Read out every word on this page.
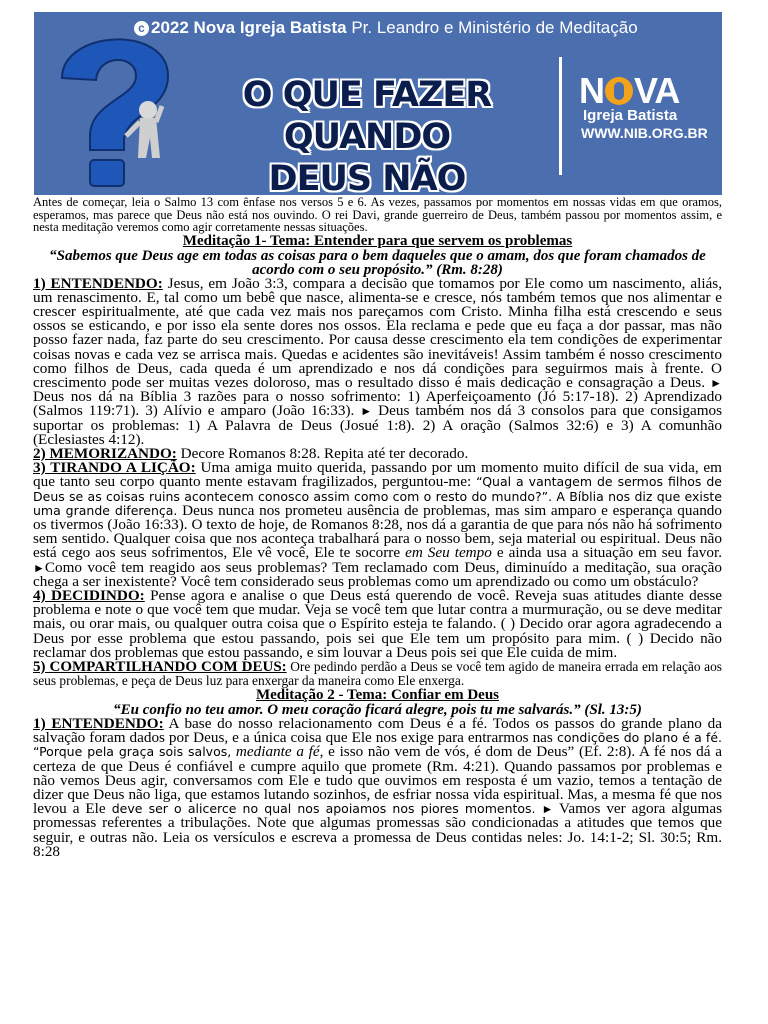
c 2022 Nova Igreja Batista Pr. Leandro e Ministério de Meditação
O QUE FAZER QUANDO
DEUS NÃO
N VA
Igreja Batista
WWW.NIB.ORG.BR

Antes de começar, leia o Salmo 13 com ênfase nos versos 5 e 6. As vezes, passamos por momentos em nossas vidas em que oramos, esperamos, mas parece que Deus não está nos ouvindo. O rei Davi, grande guerreiro de Deus, também passou por momentos assim, e nesta meditação veremos como agir corretamente nessas situações.

Meditação 1- Tema: Entender para que servem os problemas

“Sabemos que Deus age em todas as coisas para o bem daqueles que o amam, dos que foram chamados de acordo com o seu propósito.” (Rm. 8:28)

1) ENTENDENDO: Jesus, em João 3:3, compara a decisão que tomamos por Ele como um nascimento, aliás, um renascimento. E, tal como um bebê que nasce, alimenta-se e cresce, nós também temos que nos alimentar e crescer espiritualmente, até que cada vez mais nos pareçamos com Cristo. Minha filha está crescendo e seus ossos se esticando, e por isso ela sente dores nos ossos. Ela reclama e pede que eu faça a dor passar, mas não posso fazer nada, faz parte do seu crescimento. Por causa desse crescimento ela tem condições de experimentar coisas novas e cada vez se arrisca mais. Quedas e acidentes são inevitáveis! Assim também é nosso crescimento como filhos de Deus, cada queda é um aprendizado e nos dá condições para seguirmos mais à frente. O crescimento pode ser muitas vezes doloroso, mas o resultado disso é mais dedicação e consagração a Deus. ► Deus nos dá na Bíblia 3 razões para o nosso sofrimento: 1) Aperfeiçoamento (Jó 5:17-18). 2) Aprendizado (Salmos 119:71). 3) Alívio e amparo (João 16:33). ► Deus também nos dá 3 consolos para que consigamos suportar os problemas: 1) A Palavra de Deus (Josué 1:8). 2) A oração (Salmos 32:6) e 3) A comunhão (Eclesiastes 4:12).

2) MEMORIZANDO: Decore Romanos 8:28. Repita até ter decorado.

3) TIRANDO A LIÇÃO: Uma amiga muito querida, passando por um momento muito difícil de sua vida, em que tanto seu corpo quanto mente estavam fragilizados, perguntou-me: “Qual a vantagem de sermos filhos de Deus se as coisas ruins acontecem conosco assim como com o resto do mundo?”. A Bíblia nos diz que existe uma grande diferença. Deus nunca nos prometeu ausência de problemas, mas sim amparo e esperança quando os tivermos (João 16:33). O texto de hoje, de Romanos 8:28, nos dá a garantia de que para nós não há sofrimento sem sentido. Qualquer coisa que nos aconteça trabalhará para o nosso bem, seja material ou espiritual. Deus não está cego aos seus sofrimentos, Ele vê você, Ele te socorre em Seu tempo e ainda usa a situação em seu favor. ►Como você tem reagido aos seus problemas? Tem reclamado com Deus, diminuído a meditação, sua oração chega a ser inexistente? Você tem considerado seus problemas como um aprendizado ou como um obstáculo?

4) DECIDINDO: Pense agora e analise o que Deus está querendo de você. Reveja suas atitudes diante desse problema e note o que você tem que mudar. Veja se você tem que lutar contra a murmuração, ou se deve meditar mais, ou orar mais, ou qualquer outra coisa que o Espírito esteja te falando. ( ) Decido orar agora agradecendo a Deus por esse problema que estou passando, pois sei que Ele tem um propósito para mim. ( ) Decido não reclamar dos problemas que estou passando, e sim louvar a Deus pois sei que Ele cuida de mim.

5) COMPARTILHANDO COM DEUS: Ore pedindo perdão a Deus se você tem agido de maneira errada em relação aos seus problemas, e peça de Deus luz para enxergar da maneira como Ele enxerga.

Meditação 2 - Tema: Confiar em Deus

“Eu confio no teu amor. O meu coração ficará alegre, pois tu me salvarás.” (Sl. 13:5)

1) ENTENDENDO: A base do nosso relacionamento com Deus é a fé. Todos os passos do grande plano da salvação foram dados por Deus, e a única coisa que Ele nos exige para entrarmos nas condições do plano é a fé. “Porque pela graça sois salvos, mediante a fé, e isso não vem de vós, é dom de Deus” (Ef. 2:8). A fé nos dá a certeza de que Deus é confiável e cumpre aquilo que promete (Rm. 4:21). Quando passamos por problemas e não vemos Deus agir, conversamos com Ele e tudo que ouvimos em resposta é um vazio, temos a tentação de dizer que Deus não liga, que estamos lutando sozinhos, de esfriar nossa vida espiritual. Mas, a mesma fé que nos levou a Ele deve ser o alicerce no qual nos apoiamos nos piores momentos. ► Vamos ver agora algumas promessas referentes a tribulações. Note que algumas promessas são condicionadas a atitudes que temos que seguir, e outras não. Leia os versículos e escreva a promessa de Deus contidas neles: Jo. 14:1-2; Sl. 30:5; Rm. 8:28
